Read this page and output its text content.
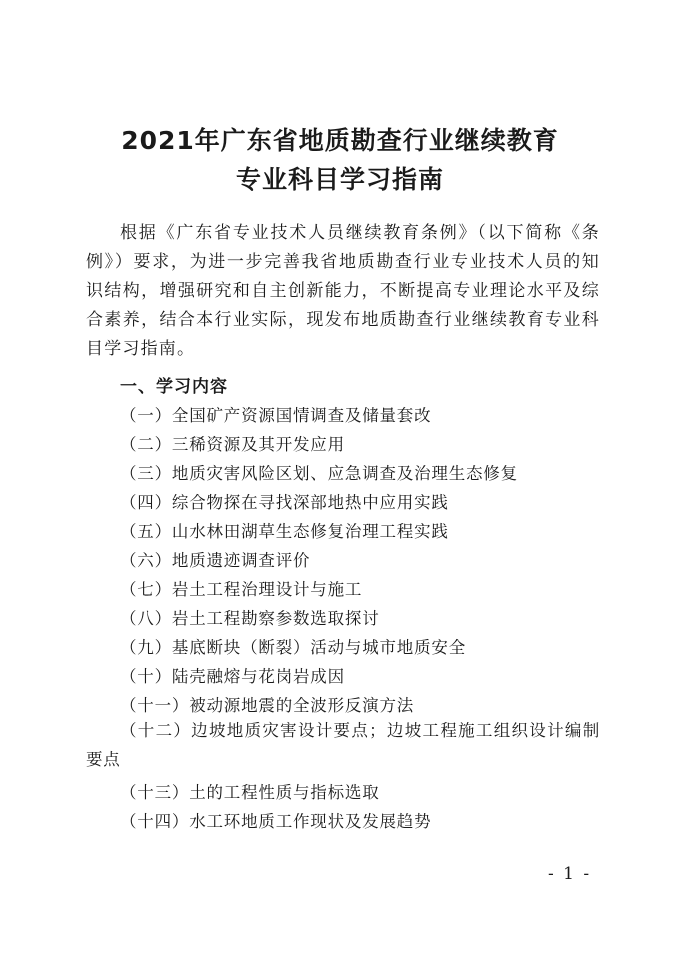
2021年广东省地质勘查行业继续教育
专业科目学习指南

根据《广东省专业技术人员继续教育条例》（以下简称《条例》）要求，为进一步完善我省地质勘查行业专业技术人员的知识结构，增强研究和自主创新能力，不断提高专业理论水平及综合素养，结合本行业实际，现发布地质勘查行业继续教育专业科目学习指南。

一、学习内容
（一）全国矿产资源国情调查及储量套改
（二）三稀资源及其开发应用
（三）地质灾害风险区划、应急调查及治理生态修复
（四）综合物探在寻找深部地热中应用实践
（五）山水林田湖草生态修复治理工程实践
（六）地质遗迹调查评价
（七）岩土工程治理设计与施工
（八）岩土工程勘察参数选取探讨
（九）基底断块（断裂）活动与城市地质安全
（十）陆壳融熔与花岗岩成因
（十一）被动源地震的全波形反演方法

（十二）边坡地质灾害设计要点；边坡工程施工组织设计编制要点

（十三）土的工程性质与指标选取
（十四）水工环地质工作现状及发展趋势
- 1 -
